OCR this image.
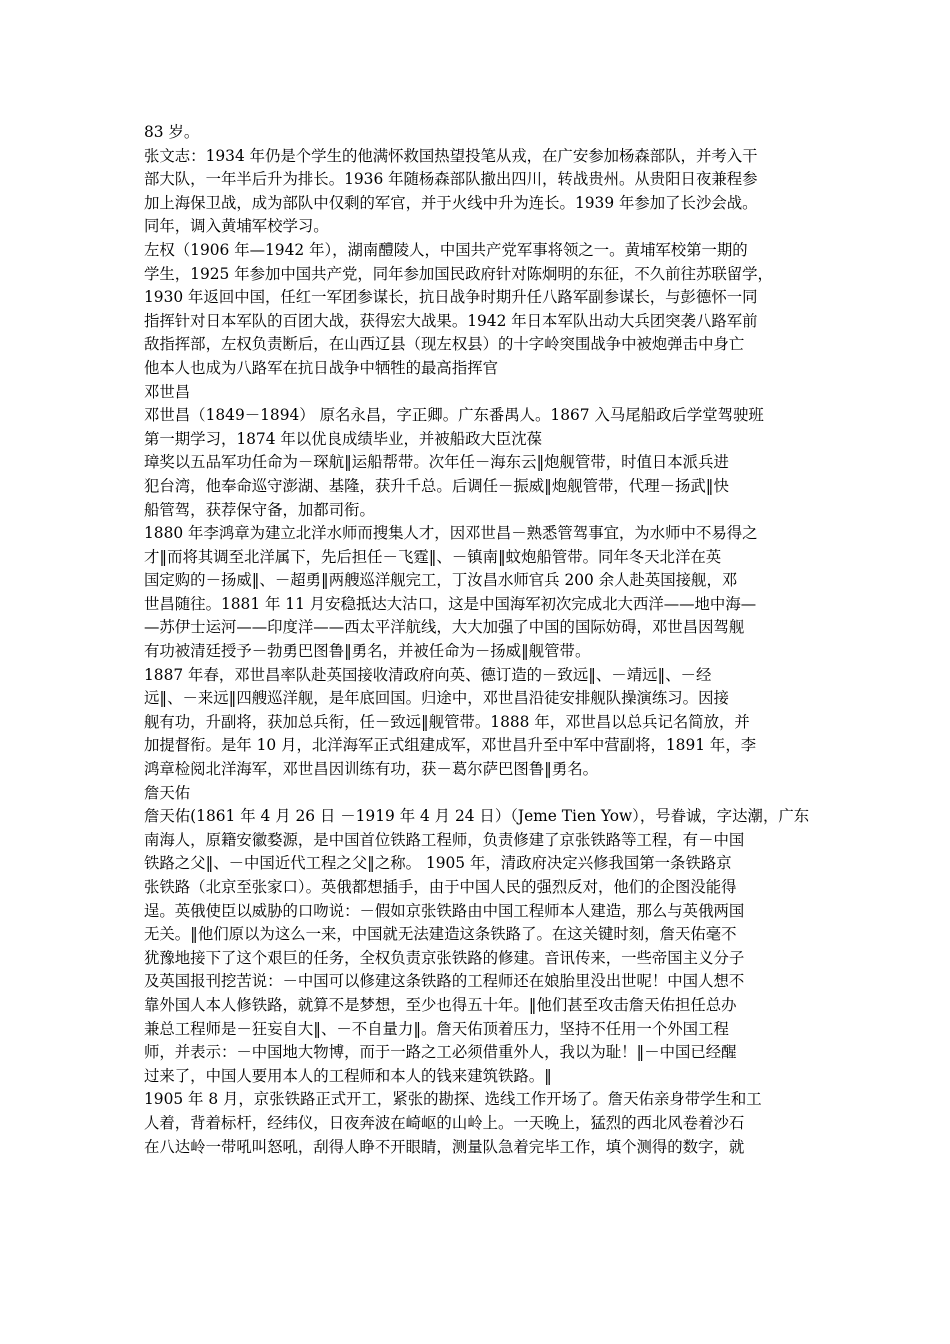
83 岁。
张文志：1934 年仍是个学生的他满怀救国热望投笔从戎，在广安参加杨森部队，并考入干
部大队，一年半后升为排长。1936 年随杨森部队撤出四川，转战贵州。从贵阳日夜兼程参
加上海保卫战，成为部队中仅剩的军官，并于火线中升为连长。1939 年参加了长沙会战。
同年，调入黄埔军校学习。
左权（1906 年—1942 年），湖南醴陵人，中国共产党军事将领之一。黄埔军校第一期的
学生，1925 年参加中国共产党，同年参加国民政府针对陈炯明的东征，不久前往苏联留学，
1930 年返回中国，任红一军团参谋长，抗日战争时期升任八路军副参谋长，与彭德怀一同
指挥针对日本军队的百团大战，获得宏大战果。1942 年日本军队出动大兵团突袭八路军前
敌指挥部，左权负责断后，在山西辽县（现左权县）的十字岭突围战争中被炮弹击中身亡
他本人也成为八路军在抗日战争中牺牲的最高指挥官
邓世昌
邓世昌（1849－1894） 原名永昌，字正卿。广东番禺人。1867 入马尾船政后学堂驾驶班
第一期学习，1874 年以优良成绩毕业，并被船政大臣沈葆
璋奖以五品军功任命为－琛航‖运船帮带。次年任－海东云‖炮舰管带，时值日本派兵进
犯台湾，他奉命巡守澎湖、基隆，获升千总。后调任－振威‖炮舰管带，代理－扬武‖快
船管驾，获荐保守备，加都司衔。
1880 年李鸿章为建立北洋水师而搜集人才，因邓世昌－熟悉管驾事宜，为水师中不易得之
才‖而将其调至北洋属下，先后担任－飞霆‖、－镇南‖蚊炮船管带。同年冬天北洋在英
国定购的－扬威‖、－超勇‖两艘巡洋舰完工，丁汝昌水师官兵 200 余人赴英国接舰，邓
世昌随往。1881 年 11 月安稳抵达大沽口，这是中国海军初次完成北大西洋——地中海—
—苏伊士运河——印度洋——西太平洋航线，大大加强了中国的国际妨碍，邓世昌因驾舰
有功被清廷授予－勃勇巴图鲁‖勇名，并被任命为－扬威‖舰管带。
1887 年春，邓世昌率队赴英国接收清政府向英、德订造的－致远‖、－靖远‖、－经
远‖、－来远‖四艘巡洋舰，是年底回国。归途中，邓世昌沿徒安排舰队操演练习。因接
舰有功，升副将，获加总兵衔，任－致远‖舰管带。1888 年，邓世昌以总兵记名简放，并
加提督衔。是年 10 月，北洋海军正式组建成军，邓世昌升至中军中营副将，1891 年，李
鸿章检阅北洋海军，邓世昌因训练有功，获－葛尔萨巴图鲁‖勇名。
詹天佑
詹天佑(1861 年 4 月 26 日 －1919 年 4 月 24 日）（Jeme Tien Yow），号眷诚，字达潮，广东
南海人，原籍安徽婺源，是中国首位铁路工程师，负责修建了京张铁路等工程，有－中国
铁路之父‖、－中国近代工程之父‖之称。 1905 年，清政府决定兴修我国第一条铁路京
张铁路（北京至张家口）。英俄都想插手，由于中国人民的强烈反对，他们的企图没能得
逞。英俄使臣以威胁的口吻说：－假如京张铁路由中国工程师本人建造，那么与英俄两国
无关。‖他们原以为这么一来，中国就无法建造这条铁路了。在这关键时刻，詹天佑毫不
犹豫地接下了这个艰巨的任务，全权负责京张铁路的修建。音讯传来，一些帝国主义分子
及英国报刊挖苦说：－中国可以修建这条铁路的工程师还在娘胎里没出世呢！中国人想不
靠外国人本人修铁路，就算不是梦想，至少也得五十年。‖他们甚至攻击詹天佑担任总办
兼总工程师是－狂妄自大‖、－不自量力‖。詹天佑顶着压力，坚持不任用一个外国工程
师，并表示：－中国地大物博，而于一路之工必须借重外人，我以为耻！‖－中国已经醒
过来了，中国人要用本人的工程师和本人的钱来建筑铁路。‖
1905 年 8 月，京张铁路正式开工，紧张的勘探、选线工作开场了。詹天佑亲身带学生和工
人着，背着标杆，经纬仪，日夜奔波在崎岖的山岭上。一天晚上，猛烈的西北风卷着沙石
在八达岭一带吼叫怒吼，刮得人睁不开眼睛，测量队急着完毕工作，填个测得的数字，就
